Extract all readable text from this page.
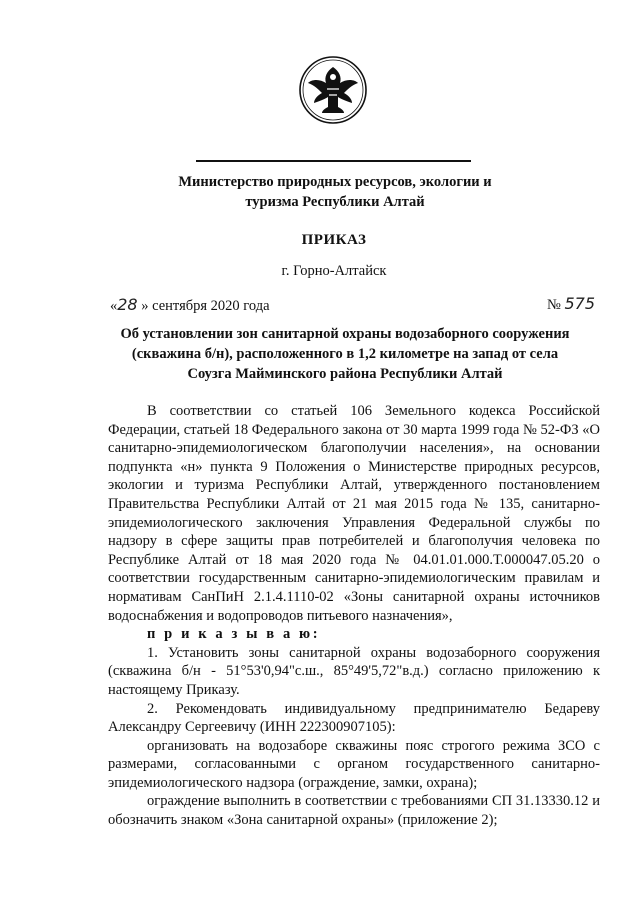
Министерство природных ресурсов, экологии и туризма Республики Алтай
ПРИКАЗ
г. Горно-Алтайск
«28 » сентября 2020 года	№ 575
Об установлении зон санитарной охраны водозаборного сооружения (скважина б/н), расположенного в 1,2 километре на запад от села Соузга Майминского района Республики Алтай

В соответствии со статьей 106 Земельного кодекса Российской Федерации, статьей 18 Федерального закона от 30 марта 1999 года № 52-ФЗ «О санитарно-эпидемиологическом благополучии населения», на основании подпункта «н» пункта 9 Положения о Министерстве природных ресурсов, экологии и туризма Республики Алтай, утвержденного постановлением Правительства Республики Алтай от 21 мая 2015 года № 135, санитарно-эпидемиологического заключения Управления Федеральной службы по надзору в сфере защиты прав потребителей и благополучия человека по Республике Алтай от 18 мая 2020 года № 04.01.01.000.Т.000047.05.20 о соответствии государственным санитарно-эпидемиологическим правилам и нормативам СанПиН 2.1.4.1110-02 «Зоны санитарной охраны источников водоснабжения и водопроводов питьевого назначения»,

п р и к а з ы в а ю:

1. Установить зоны санитарной охраны водозаборного сооружения (скважина б/н - 51°53'0,94"с.ш., 85°49'5,72"в.д.) согласно приложению к настоящему Приказу.

2. Рекомендовать индивидуальному предпринимателю Бедареву Александру Сергеевичу (ИНН 222300907105):

организовать на водозаборе скважины пояс строгого режима ЗСО с размерами, согласованными с органом государственного санитарно-эпидемиологического надзора (ограждение, замки, охрана);

ограждение выполнить в соответствии с требованиями СП 31.13330.12 и обозначить знаком «Зона санитарной охраны» (приложение 2);
